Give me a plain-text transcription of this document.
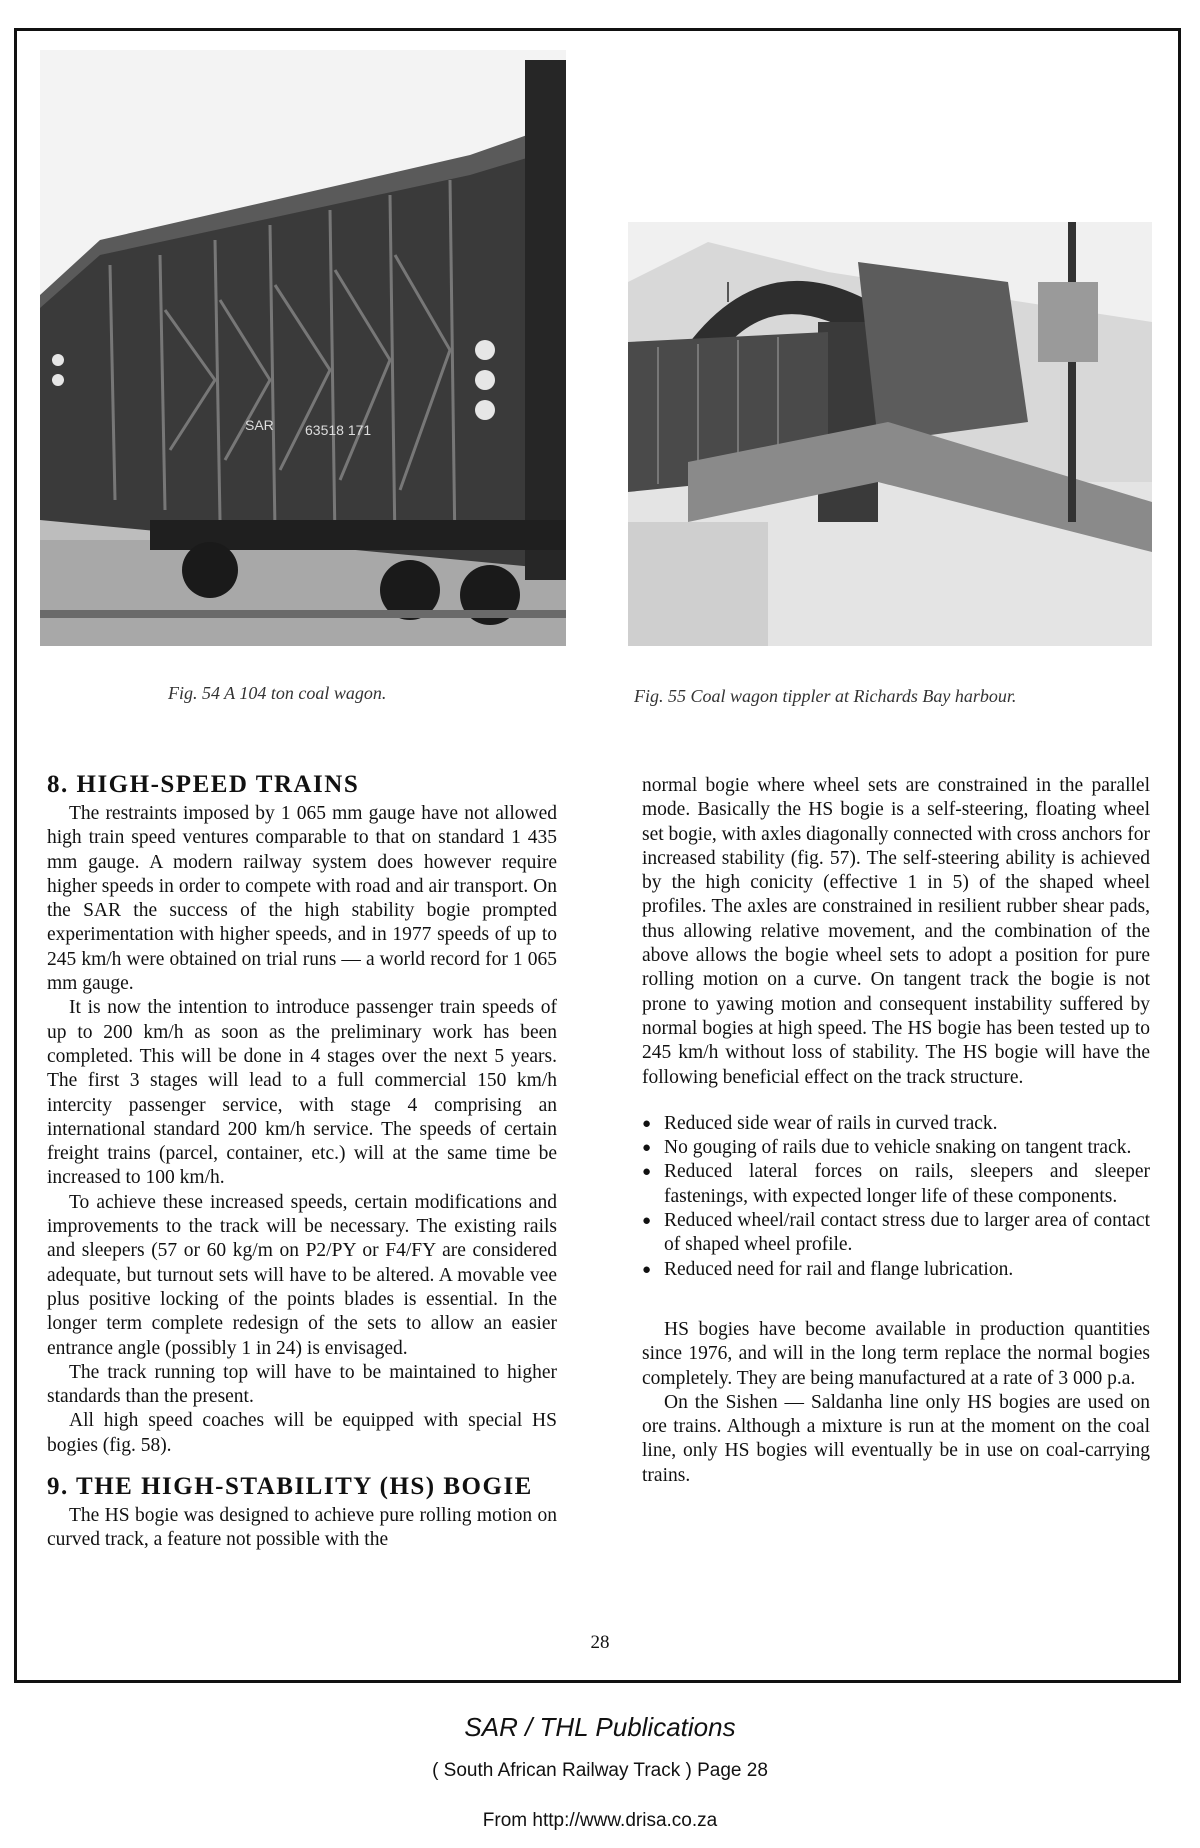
SAR 63518 171
Fig. 54 A 104 ton coal wagon.	Fig. 55 Coal wagon tippler at Richards Bay harbour.
8. HIGH-SPEED TRAINS

The restraints imposed by 1 065 mm gauge have not allowed high train speed ventures comparable to that on standard 1 435 mm gauge. A modern railway system does however require higher speeds in order to compete with road and air transport. On the SAR the success of the high stability bogie prompted experimentation with higher speeds, and in 1977 speeds of up to 245 km/h were obtained on trial runs — a world record for 1 065 mm gauge.

It is now the intention to introduce passenger train speeds of up to 200 km/h as soon as the preliminary work has been completed. This will be done in 4 stages over the next 5 years. The first 3 stages will lead to a full commercial 150 km/h intercity passenger service, with stage 4 comprising an international standard 200 km/h service. The speeds of certain freight trains (parcel, container, etc.) will at the same time be increased to 100 km/h.

To achieve these increased speeds, certain modifications and improvements to the track will be necessary. The existing rails and sleepers (57 or 60 kg/m on P2/PY or F4/FY are considered adequate, but turnout sets will have to be altered. A movable vee plus positive locking of the points blades is essential. In the longer term complete redesign of the sets to allow an easier entrance angle (possibly 1 in 24) is envisaged.

The track running top will have to be maintained to higher standards than the present.

All high speed coaches will be equipped with special HS bogies (fig. 58).

9. THE HIGH-STABILITY (HS) BOGIE

The HS bogie was designed to achieve pure rolling motion on curved track, a feature not possible with the

normal bogie where wheel sets are constrained in the parallel mode. Basically the HS bogie is a self-steering, floating wheel set bogie, with axles diagonally connected with cross anchors for increased stability (fig. 57). The self-steering ability is achieved by the high conicity (effective 1 in 5) of the shaped wheel profiles. The axles are constrained in resilient rubber shear pads, thus allowing relative movement, and the combination of the above allows the bogie wheel sets to adopt a position for pure rolling motion on a curve. On tangent track the bogie is not prone to yawing motion and consequent instability suffered by normal bogies at high speed. The HS bogie has been tested up to 245 km/h without loss of stability. The HS bogie will have the following beneficial effect on the track structure.

● Reduced side wear of rails in curved track.
● No gouging of rails due to vehicle snaking on tangent track.
● Reduced lateral forces on rails, sleepers and sleeper fastenings, with expected longer life of these components.
● Reduced wheel/rail contact stress due to larger area of contact of shaped wheel profile.
● Reduced need for rail and flange lubrication.

HS bogies have become available in production quantities since 1976, and will in the long term replace the normal bogies completely. They are being manufactured at a rate of 3 000 p.a.

On the Sishen — Saldanha line only HS bogies are used on ore trains. Although a mixture is run at the moment on the coal line, only HS bogies will eventually be in use on coal-carrying trains.

28
SAR / THL Publications
( South African Railway Track ) Page 28
From http://www.drisa.co.za
